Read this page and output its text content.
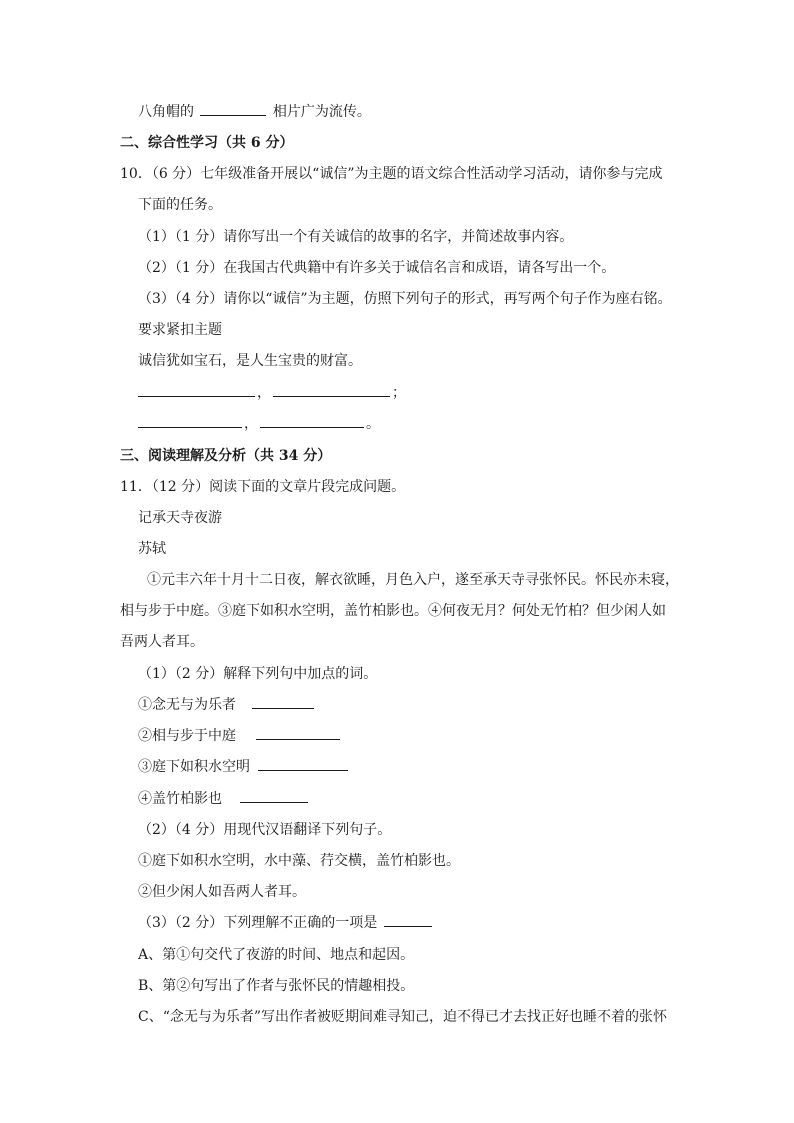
八角帽的	相片广为流传。
二、综合性学习（共 6 分）
10．（6 分）七年级准备开展以“诚信”为主题的语文综合性活动学习活动，请你参与完成
下面的任务。
（1）（1 分）请你写出一个有关诚信的故事的名字，并简述故事内容。
（2）（1 分）在我国古代典籍中有许多关于诚信名言和成语，请各写出一个。
（3）（4 分）请你以“诚信”为主题，仿照下列句子的形式，再写两个句子作为座右铭。
要求紧扣主题
诚信犹如宝石，是人生宝贵的财富。
，	；
，	。
三、阅读理解及分析（共 34 分）
11．（12 分）阅读下面的文章片段完成问题。
记承天寺夜游
苏轼
①元丰六年十月十二日夜，解衣欲睡，月色入户，遂至承天寺寻张怀民。怀民亦未寝，
相与步于中庭。③庭下如积水空明，盖竹柏影也。④何夜无月？何处无竹柏？但少闲人如
吾两人者耳。
（1）（2 分）解释下列句中加点的词。
①念无与为乐者
②相与步于中庭
③庭下如积水空明
④盖竹柏影也
（2）（4 分）用现代汉语翻译下列句子。
①庭下如积水空明，水中藻、荇交横，盖竹柏影也。
②但少闲人如吾两人者耳。
（3）（2 分）下列理解不正确的一项是
A、第①句交代了夜游的时间、地点和起因。
B、第②句写出了作者与张怀民的情趣相投。
C、“念无与为乐者”写出作者被贬期间难寻知己，迫不得已才去找正好也睡不着的张怀
